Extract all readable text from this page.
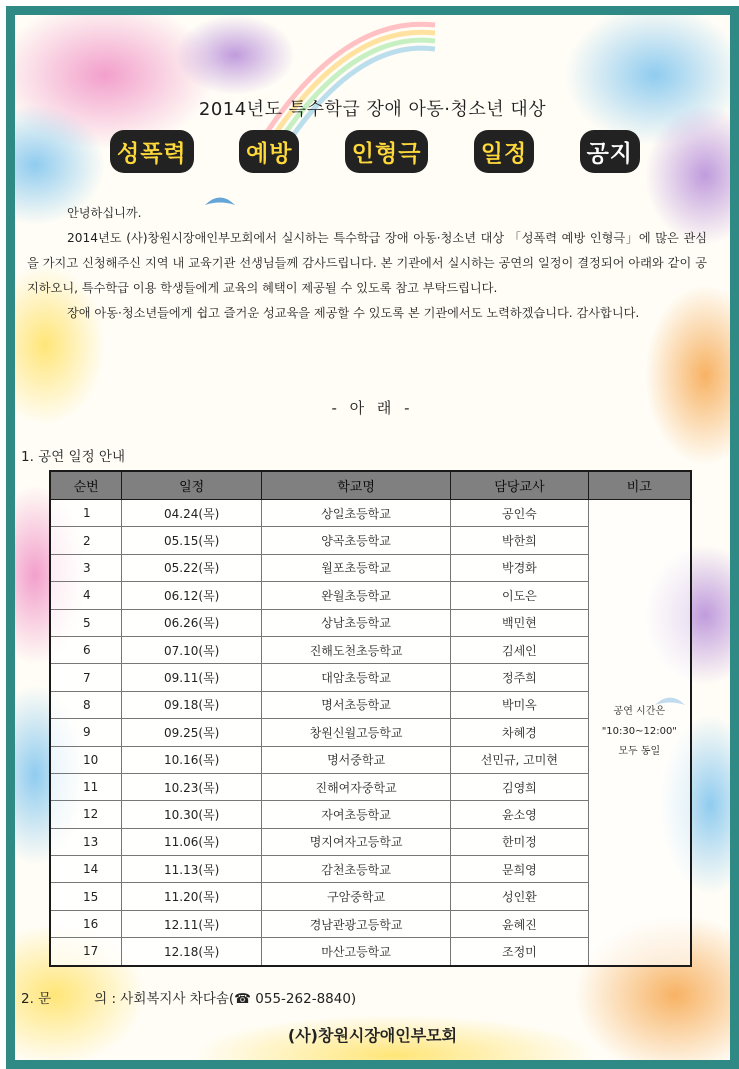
2014년도 특수학급 장애 아동·청소년 대상
성폭력	예방	인형극	일정	공지

안녕하십니까.

2014년도 (사)창원시장애인부모회에서 실시하는 특수학급 장애 아동·청소년 대상 「성폭력 예방 인형극」에 많은 관심을 가지고 신청해주신 지역 내 교육기관 선생님들께 감사드립니다. 본 기관에서 실시하는 공연의 일정이 결정되어 아래와 같이 공지하오니, 특수학급 이용 학생들에게 교육의 혜택이 제공될 수 있도록 참고 부탁드립니다.

장애 아동·청소년들에게 쉽고 즐거운 성교육을 제공할 수 있도록 본 기관에서도 노력하겠습니다. 감사합니다.

- 아 래 -
1. 공연 일정 안내
순번	일정	학교명	담당교사	비고
1	04.24(목)	상일초등학교	공인숙	공연 시간은
"10:30~12:00"
모두 동일

2	05.15(목)	양곡초등학교	박한희	
3	05.22(목)	월포초등학교	박경화	
4	06.12(목)	완월초등학교	이도은	
5	06.26(목)	상남초등학교	백민현	
6	07.10(목)	진해도천초등학교	김세인	
7	09.11(목)	대암초등학교	정주희	
8	09.18(목)	명서초등학교	박미옥	
9	09.25(목)	창원신월고등학교	차혜경	
10	10.16(목)	명서중학교	선민규, 고미현	
11	10.23(목)	진해여자중학교	김영희	
12	10.30(목)	자여초등학교	윤소영	
13	11.06(목)	명지여자고등학교	한미정	
14	11.13(목)	감천초등학교	문희영	
15	11.20(목)	구암중학교	성인환	
16	12.11(목)	경남관광고등학교	윤혜진	
17	12.18(목)	마산고등학교	조정미	
2. 문          의 : 사회복지사 차다솜(☎ 055-262-8840)
(사)창원시장애인부모회
